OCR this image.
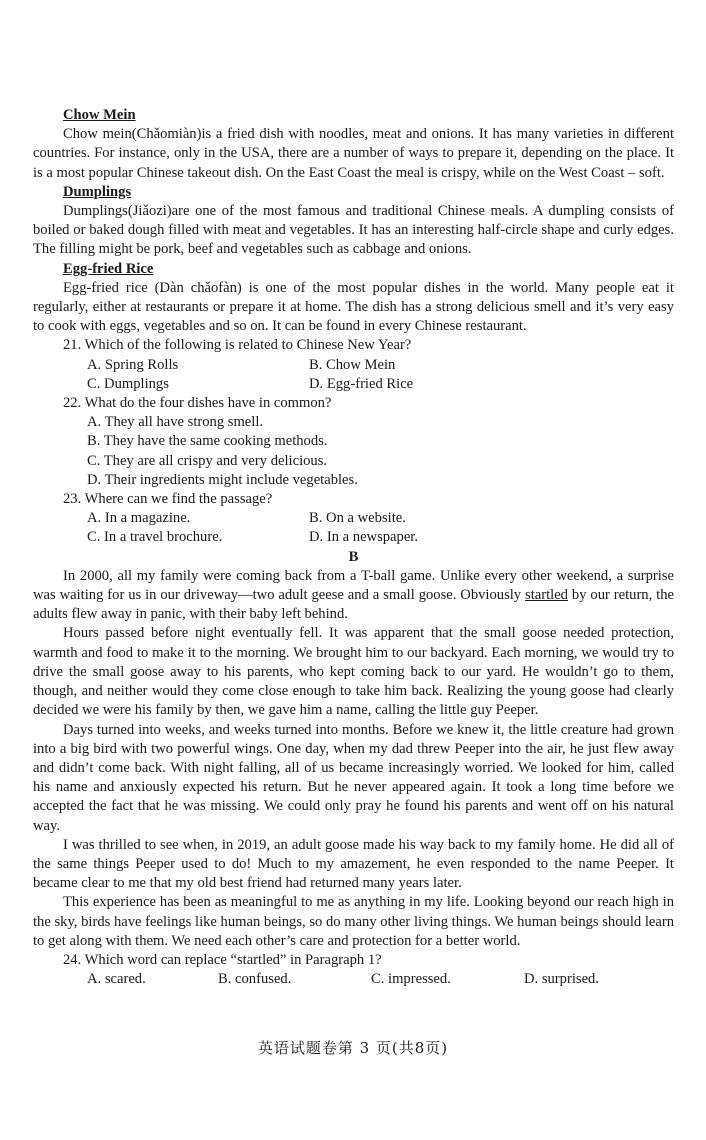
Chow Mein
Chow mein(Chǎomiàn)is a fried dish with noodles, meat and onions. It has many varieties in different countries. For instance, only in the USA, there are a number of ways to prepare it, depending on the place. It is a most popular Chinese takeout dish. On the East Coast the meal is crispy, while on the West Coast – soft.
Dumplings
Dumplings(Jiǎozi)are one of the most famous and traditional Chinese meals. A dumpling consists of boiled or baked dough filled with meat and vegetables. It has an interesting half-circle shape and curly edges. The filling might be pork, beef and vegetables such as cabbage and onions.
Egg-fried Rice
Egg-fried rice (Dàn chǎofàn) is one of the most popular dishes in the world. Many people eat it regularly, either at restaurants or prepare it at home. The dish has a strong delicious smell and it’s very easy to cook with eggs, vegetables and so on. It can be found in every Chinese restaurant.
21. Which of the following is related to Chinese New Year?
A. Spring Rolls	B. Chow Mein
C. Dumplings	D. Egg-fried Rice
22. What do the four dishes have in common?
A. They all have strong smell.
B. They have the same cooking methods.
C. They are all crispy and very delicious.
D. Their ingredients might include vegetables.
23. Where can we find the passage?
A. In a magazine.	B. On a website.
C. In a travel brochure.	D. In a newspaper.
B
In 2000, all my family were coming back from a T-ball game. Unlike every other weekend, a surprise was waiting for us in our driveway—two adult geese and a small goose. Obviously startled by our return, the adults flew away in panic, with their baby left behind.
Hours passed before night eventually fell. It was apparent that the small goose needed protection, warmth and food to make it to the morning. We brought him to our backyard. Each morning, we would try to drive the small goose away to his parents, who kept coming back to our yard. He wouldn’t go to them, though, and neither would they come close enough to take him back. Realizing the young goose had clearly decided we were his family by then, we gave him a name, calling the little guy Peeper.
Days turned into weeks, and weeks turned into months. Before we knew it, the little creature had grown into a big bird with two powerful wings. One day, when my dad threw Peeper into the air, he just flew away and didn’t come back. With night falling, all of us became increasingly worried. We looked for him, called his name and anxiously expected his return. But he never appeared again. It took a long time before we accepted the fact that he was missing. We could only pray he found his parents and went off on his natural way.
I was thrilled to see when, in 2019, an adult goose made his way back to my family home. He did all of the same things Peeper used to do! Much to my amazement, he even responded to the name Peeper. It became clear to me that my old best friend had returned many years later.
This experience has been as meaningful to me as anything in my life. Looking beyond our reach high in the sky, birds have feelings like human beings, so do many other living things. We human beings should learn to get along with them. We need each other’s care and protection for a better world.
24. Which word can replace “startled” in Paragraph 1?
A. scared.	B. confused.	C. impressed.	D. surprised.
英语试题卷第 3 页(共8页)
